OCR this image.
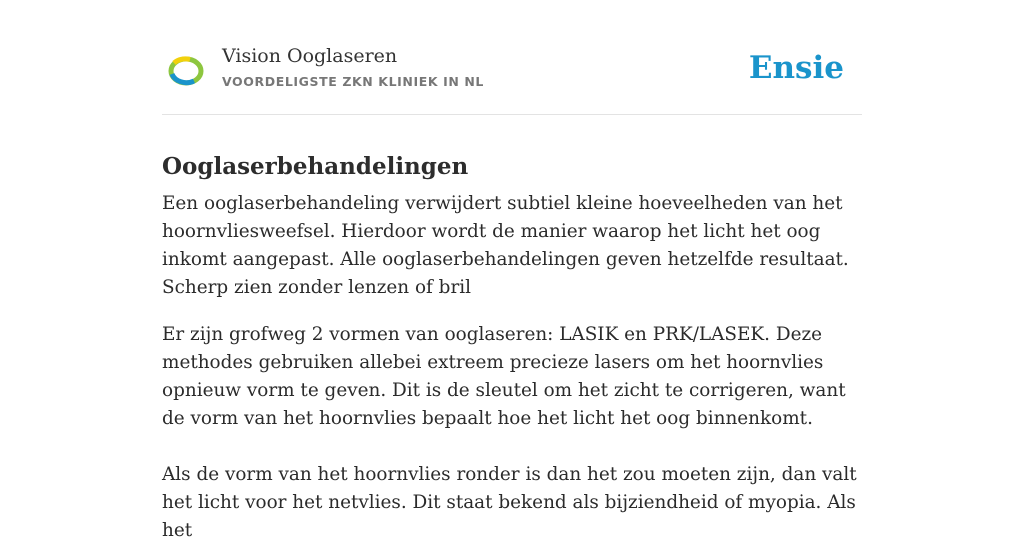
Vision Ooglaseren
VOORDELIGSTE ZKN KLINIEK IN NL	Ensie
Ooglaserbehandelingen

Een ooglaserbehandeling verwijdert subtiel kleine hoeveelheden van het hoornvliesweefsel. Hierdoor wordt de manier waarop het licht het oog inkomt aangepast. Alle ooglaserbehandelingen geven hetzelfde resultaat. Scherp zien zonder lenzen of bril

Er zijn grofweg 2 vormen van ooglaseren: LASIK en PRK/LASEK. Deze methodes gebruiken allebei extreem precieze lasers om het hoornvlies opnieuw vorm te geven. Dit is de sleutel om het zicht te corrigeren, want de vorm van het hoornvlies bepaalt hoe het licht het oog binnenkomt.

Als de vorm van het hoornvlies ronder is dan het zou moeten zijn, dan valt het licht voor het netvlies. Dit staat bekend als bijziendheid of myopia. Als het
